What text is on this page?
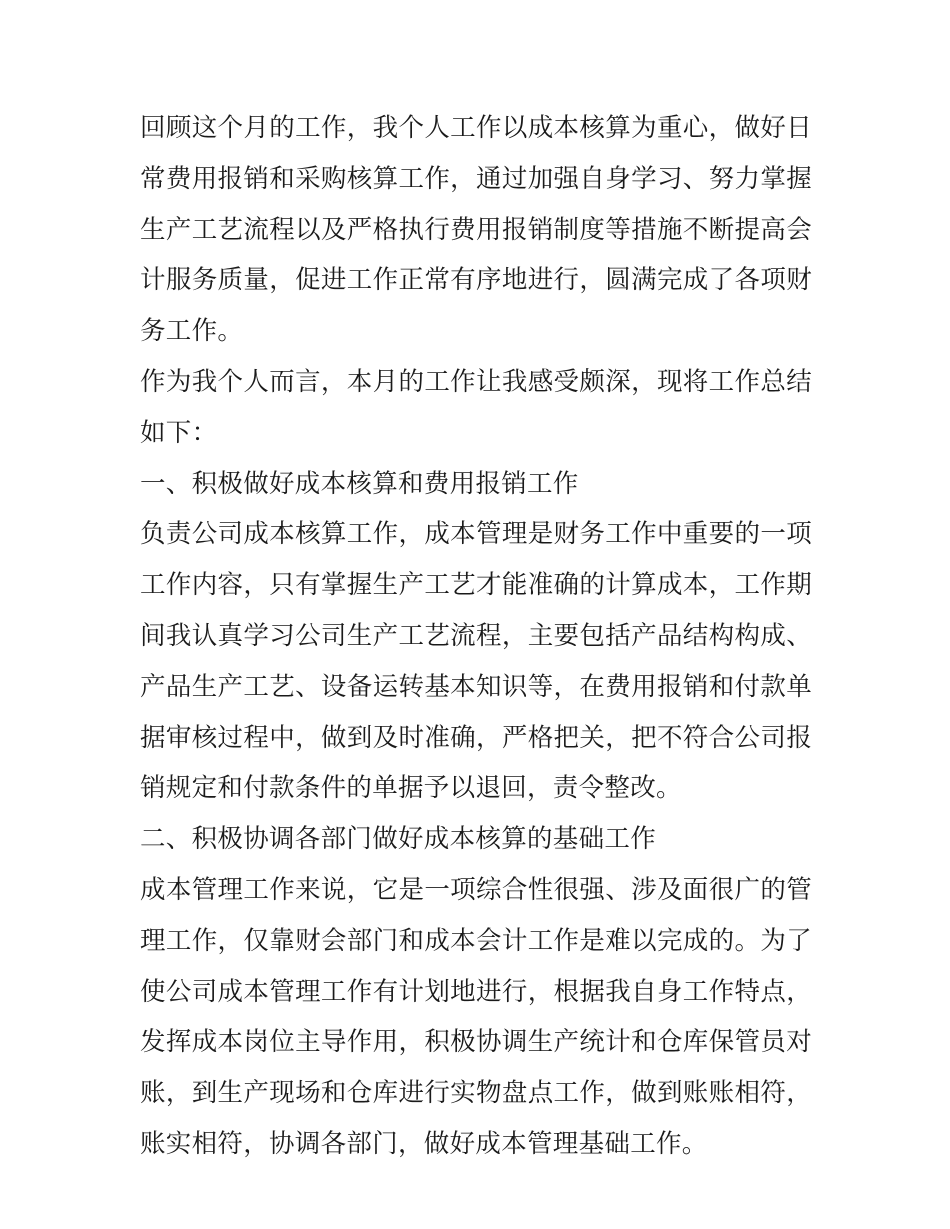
回顾这个月的工作，我个人工作以成本核算为重心，做好日常费用报销和采购核算工作，通过加强自身学习、努力掌握生产工艺流程以及严格执行费用报销制度等措施不断提高会计服务质量，促进工作正常有序地进行，圆满完成了各项财务工作。

作为我个人而言，本月的工作让我感受颇深，现将工作总结如下：

一、积极做好成本核算和费用报销工作

负责公司成本核算工作，成本管理是财务工作中重要的一项工作内容，只有掌握生产工艺才能准确的计算成本，工作期间我认真学习公司生产工艺流程，主要包括产品结构构成、产品生产工艺、设备运转基本知识等，在费用报销和付款单据审核过程中，做到及时准确，严格把关，把不符合公司报销规定和付款条件的单据予以退回，责令整改。

二、积极协调各部门做好成本核算的基础工作

成本管理工作来说，它是一项综合性很强、涉及面很广的管理工作，仅靠财会部门和成本会计工作是难以完成的。为了使公司成本管理工作有计划地进行，根据我自身工作特点，发挥成本岗位主导作用，积极协调生产统计和仓库保管员对账，到生产现场和仓库进行实物盘点工作，做到账账相符，账实相符，协调各部门，做好成本管理基础工作。
